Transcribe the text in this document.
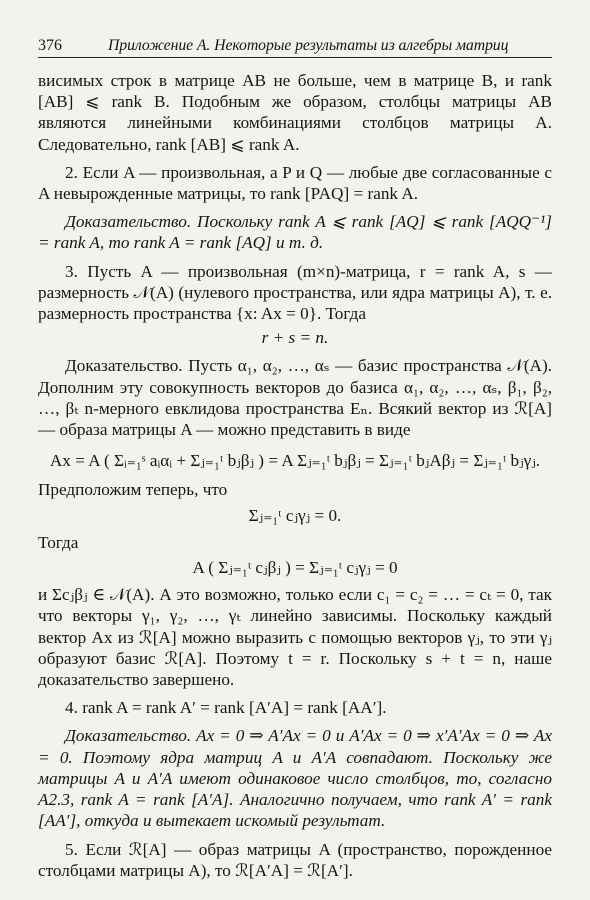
376	Приложение А. Некоторые результаты из алгебры матриц

висимых строк в матрице AB не больше, чем в матрице B, и rank [AB] ⩽ rank B. Подобным же образом, столбцы матрицы AB являются линейными комбинациями столбцов матрицы A. Следовательно, rank [AB] ⩽ rank A.

2. Если A — произвольная, а P и Q — любые две согласованные с A невырожденные матрицы, то rank [PAQ] = rank A.

Доказательство. Поскольку rank A ⩽ rank [AQ] ⩽ rank [AQQ⁻¹] = rank A, то rank A = rank [AQ] и т. д.

3. Пусть A — произвольная (m×n)-матрица, r = rank A, s — размерность 𝒩(A) (нулевого пространства, или ядра матрицы A), т. е. размерность пространства {x: Ax = 0}. Тогда

r + s = n.

Доказательство. Пусть α₁, α₂, …, αₛ — базис пространства 𝒩(A). Дополним эту совокупность векторов до базиса α₁, α₂, …, αₛ, β₁, β₂, …, βₜ n-мерного евклидова пространства Eₙ. Всякий вектор из ℛ[A] — образа матрицы A — можно представить в виде

Ax = A ( Σᵢ₌₁ˢ aᵢαᵢ + Σⱼ₌₁ᵗ bⱼβⱼ ) = A Σⱼ₌₁ᵗ bⱼβⱼ = Σⱼ₌₁ᵗ bⱼAβⱼ = Σⱼ₌₁ᵗ bⱼγⱼ.

Предположим теперь, что

Σⱼ₌₁ᵗ cⱼγⱼ = 0.

Тогда

A ( Σⱼ₌₁ᵗ cⱼβⱼ ) = Σⱼ₌₁ᵗ cⱼγⱼ = 0

и Σcⱼβⱼ ∈ 𝒩(A). А это возможно, только если c₁ = c₂ = … = cₜ = 0, так что векторы γ₁, γ₂, …, γₜ линейно зависимы. Поскольку каждый вектор Ax из ℛ[A] можно выразить с помощью векторов γⱼ, то эти γⱼ образуют базис ℛ[A]. Поэтому t = r. Поскольку s + t = n, наше доказательство завершено.

4. rank A = rank A′ = rank [A′A] = rank [AA′].

Доказательство. Ax = 0 ⇒ A′Ax = 0 и A′Ax = 0 ⇒ x′A′Ax = 0 ⇒ Ax = 0. Поэтому ядра матриц A и A′A совпадают. Поскольку же матрицы A и A′A имеют одинаковое число столбцов, то, согласно A2.3, rank A = rank [A′A]. Аналогично получаем, что rank A′ = rank [AA′], откуда и вытекает искомый результат.

5. Если ℛ[A] — образ матрицы A (пространство, порожденное столбцами матрицы A), то ℛ[A′A] = ℛ[A′].
